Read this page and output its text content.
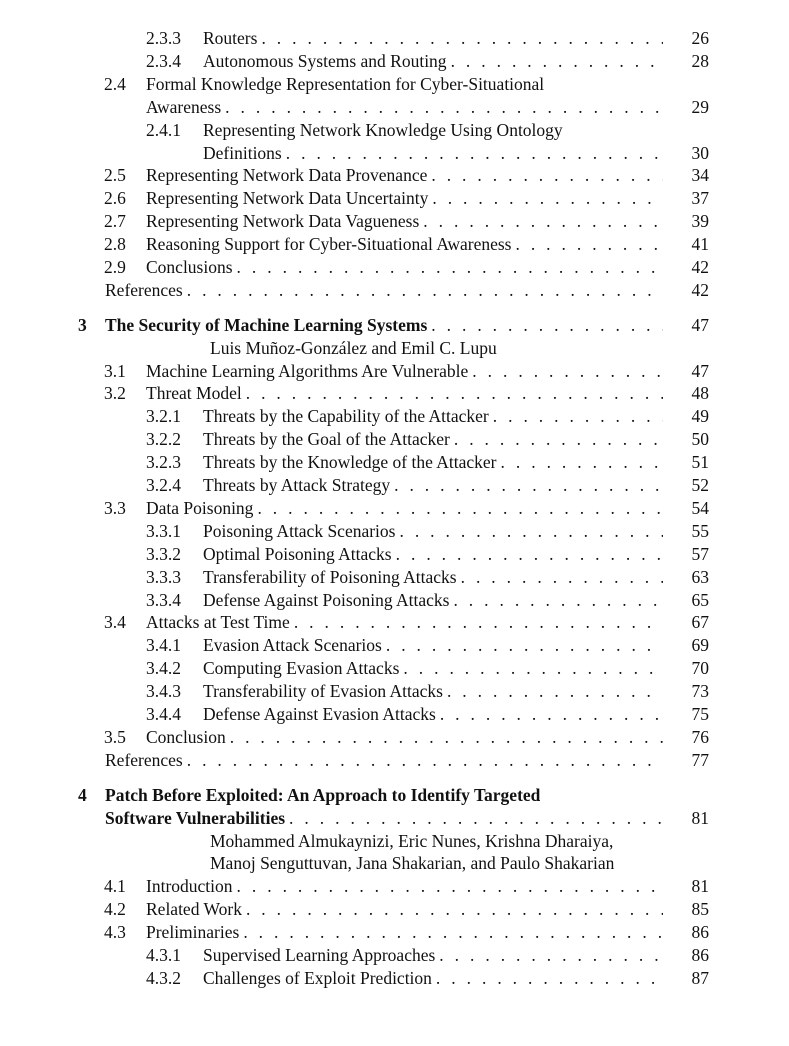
2.3.3 Routers . . .	26
2.3.4 Autonomous Systems and Routing . . .	28
2.4 Formal Knowledge Representation for Cyber-Situational
Awareness . . .	29
2.4.1 Representing Network Knowledge Using Ontology
Definitions . . .	30
2.5 Representing Network Data Provenance . . .	34
2.6 Representing Network Data Uncertainty . . .	37
2.7 Representing Network Data Vagueness . . .	39
2.8 Reasoning Support for Cyber-Situational Awareness . . .	41
2.9 Conclusions . . .	42
References . . .	42
3 The Security of Machine Learning Systems . . .	47
Luis Muñoz-González and Emil C. Lupu
3.1 Machine Learning Algorithms Are Vulnerable . . .	47
3.2 Threat Model . . .	48
3.2.1 Threats by the Capability of the Attacker . . .	49
3.2.2 Threats by the Goal of the Attacker . . .	50
3.2.3 Threats by the Knowledge of the Attacker . . .	51
3.2.4 Threats by Attack Strategy . . .	52
3.3 Data Poisoning . . .	54
3.3.1 Poisoning Attack Scenarios . . .	55
3.3.2 Optimal Poisoning Attacks . . .	57
3.3.3 Transferability of Poisoning Attacks . . .	63
3.3.4 Defense Against Poisoning Attacks . . .	65
3.4 Attacks at Test Time . . .	67
3.4.1 Evasion Attack Scenarios . . .	69
3.4.2 Computing Evasion Attacks . . .	70
3.4.3 Transferability of Evasion Attacks . . .	73
3.4.4 Defense Against Evasion Attacks . . .	75
3.5 Conclusion . . .	76
References . . .	77
4 Patch Before Exploited: An Approach to Identify Targeted
Software Vulnerabilities . . .	81
Mohammed Almukaynizi, Eric Nunes, Krishna Dharaiya,
Manoj Senguttuvan, Jana Shakarian, and Paulo Shakarian
4.1 Introduction . . .	81
4.2 Related Work . . .	85
4.3 Preliminaries . . .	86
4.3.1 Supervised Learning Approaches . . .	86
4.3.2 Challenges of Exploit Prediction . . .	87
